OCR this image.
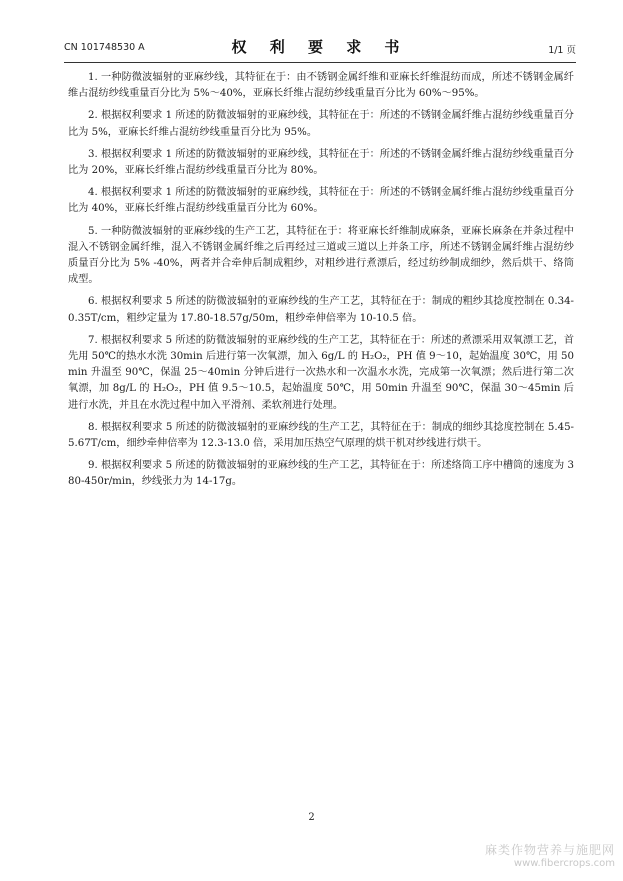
CN 101748530 A	权 利 要 求 书	1/1 页

1. 一种防微波辐射的亚麻纱线，其特征在于：由不锈钢金属纤维和亚麻长纤维混纺而成，所述不锈钢金属纤维占混纺纱线重量百分比为 5%～40%，亚麻长纤维占混纺纱线重量百分比为 60%～95%。

2. 根据权利要求 1 所述的防微波辐射的亚麻纱线，其特征在于：所述的不锈钢金属纤维占混纺纱线重量百分比为 5%，亚麻长纤维占混纺纱线重量百分比为 95%。

3. 根据权利要求 1 所述的防微波辐射的亚麻纱线，其特征在于：所述的不锈钢金属纤维占混纺纱线重量百分比为 20%，亚麻长纤维占混纺纱线重量百分比为 80%。

4. 根据权利要求 1 所述的防微波辐射的亚麻纱线，其特征在于：所述的不锈钢金属纤维占混纺纱线重量百分比为 40%，亚麻长纤维占混纺纱线重量百分比为 60%。

5. 一种防微波辐射的亚麻纱线的生产工艺，其特征在于：将亚麻长纤维制成麻条，亚麻长麻条在并条过程中混入不锈钢金属纤维，混入不锈钢金属纤维之后再经过三道或三道以上并条工序，所述不锈钢金属纤维占混纺纱质量百分比为 5% -40%，两者并合牵伸后制成粗纱，对粗纱进行煮漂后，经过纺纱制成细纱，然后烘干、络筒成型。

6. 根据权利要求 5 所述的防微波辐射的亚麻纱线的生产工艺，其特征在于：制成的粗纱其捻度控制在 0.34-0.35T/cm，粗纱定量为 17.80-18.57g/50m，粗纱牵伸倍率为 10-10.5 倍。

7. 根据权利要求 5 所述的防微波辐射的亚麻纱线的生产工艺，其特征在于：所述的煮漂采用双氧漂工艺，首先用 50℃的热水水洗 30min 后进行第一次氧漂，加入 6g/L 的 H₂O₂，PH 值 9～10，起始温度 30℃，用 50min 升温至 90℃，保温 25～40min 分钟后进行一次热水和一次温水水洗，完成第一次氧漂；然后进行第二次氧漂，加 8g/L 的 H₂O₂，PH 值 9.5～10.5，起始温度 50℃，用 50min 升温至 90℃，保温 30～45min 后进行水洗，并且在水洗过程中加入平滑剂、柔软剂进行处理。

8. 根据权利要求 5 所述的防微波辐射的亚麻纱线的生产工艺，其特征在于：制成的细纱其捻度控制在 5.45-5.67T/cm，细纱牵伸倍率为 12.3-13.0 倍，采用加压热空气原理的烘干机对纱线进行烘干。

9. 根据权利要求 5 所述的防微波辐射的亚麻纱线的生产工艺，其特征在于：所述络筒工序中槽筒的速度为 380-450r/min，纱线张力为 14-17g。

2
麻类作物营养与施肥网
www.fibercrops.com
